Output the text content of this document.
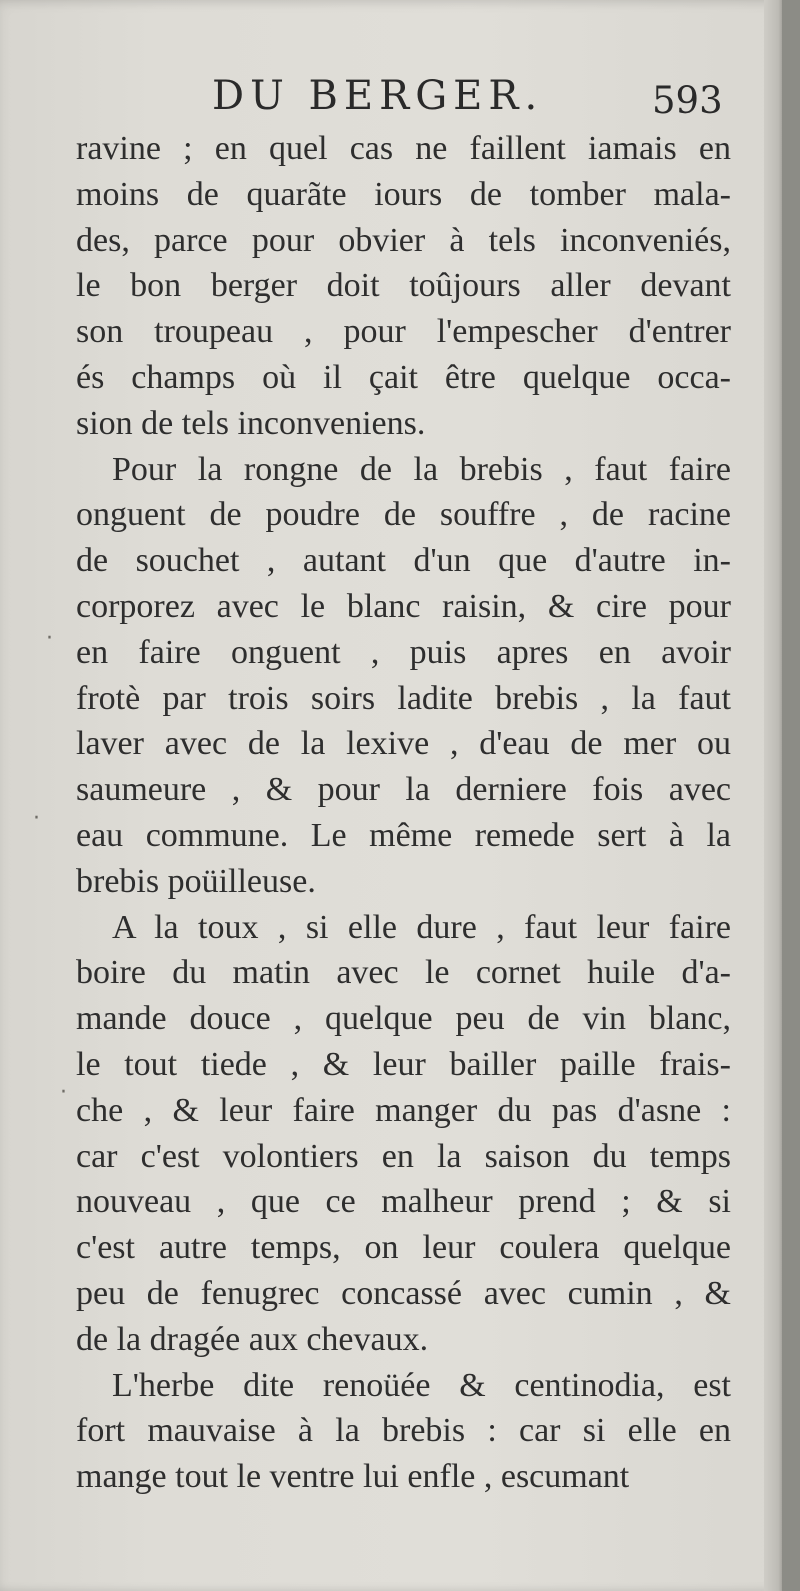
DU BERGER.	593
·
·
·
ravine ; en quel cas ne faillent iamais en
moins de quarãte iours de tomber mala-
des, parce pour obvier à tels inconveniés,
le bon berger doit toûjours aller devant
son troupeau , pour l'empescher d'entrer
és champs où il çait être quelque occa-
sion de tels inconveniens.
Pour la rongne de la brebis , faut faire
onguent de poudre de souffre , de racine
de souchet , autant d'un que d'autre in-
corporez avec le blanc raisin, & cire pour
en faire onguent , puis apres en avoir
frotè par trois soirs ladite brebis , la faut
laver avec de la lexive , d'eau de mer ou
saumeure , & pour la derniere fois avec
eau commune. Le même remede sert à la
brebis poüilleuse.
A la toux , si elle dure , faut leur faire
boire du matin avec le cornet huile d'a-
mande douce , quelque peu de vin blanc,
le tout tiede , & leur bailler paille frais-
che , & leur faire manger du pas d'asne :
car c'est volontiers en la saison du temps
nouveau , que ce malheur prend ; & si
c'est autre temps, on leur coulera quelque
peu de fenugrec concassé avec cumin , &
de la dragée aux chevaux.
L'herbe dite renoüée & centinodia, est
fort mauvaise à la brebis : car si elle en
mange tout le ventre lui enfle , escumant
